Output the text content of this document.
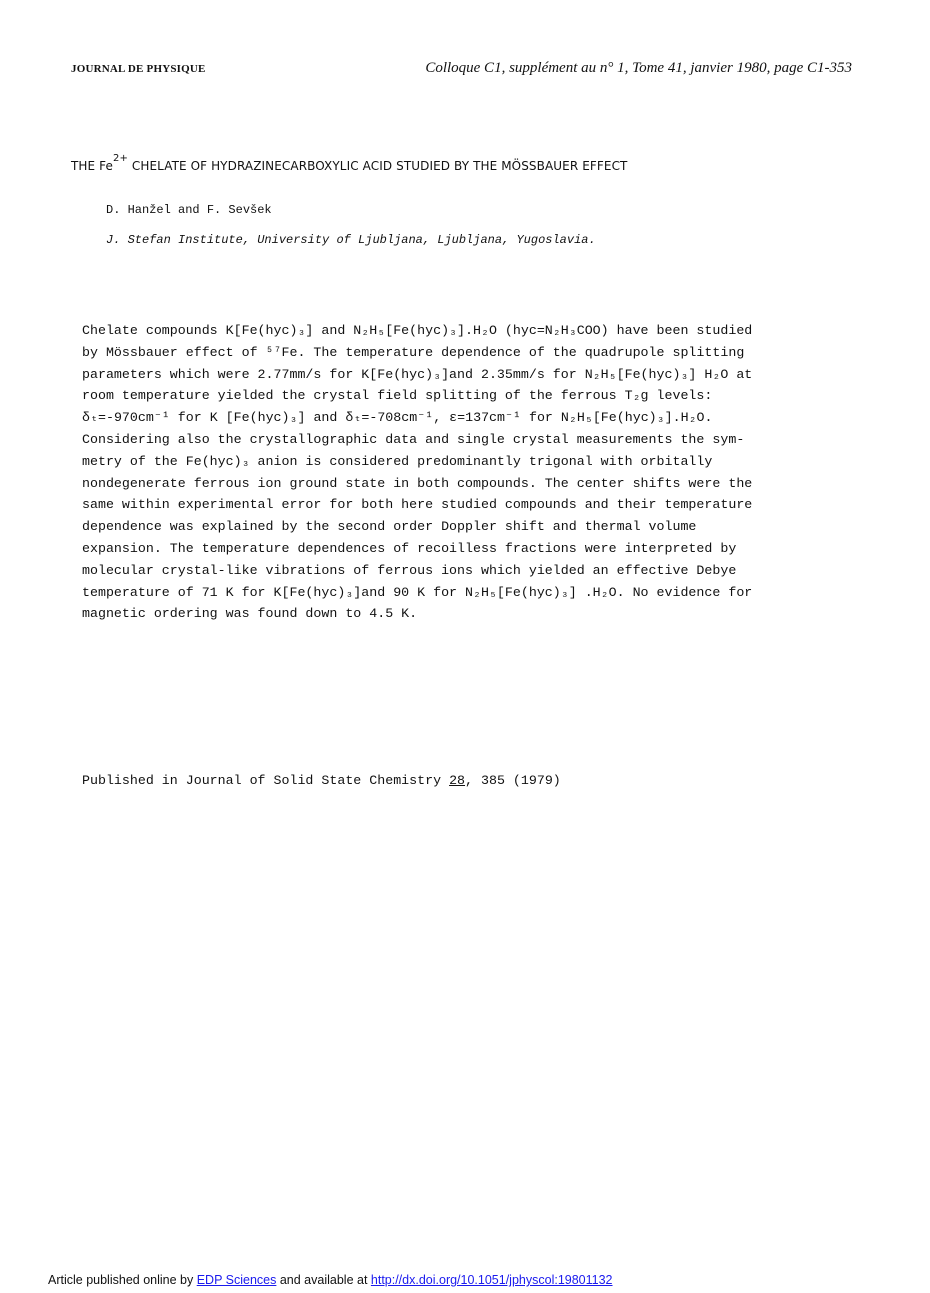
JOURNAL DE PHYSIQUE	Colloque C1, supplément au n° 1, Tome 41, janvier 1980, page C1-353
THE $Fe^{2+}$ CHELATE OF HYDRAZINECARBOXYLIC ACID STUDIED BY THE MÖSSBAUER EFFECT
D. Hanžel and F. Sevšek
J. Stefan Institute, University of Ljubljana, Ljubljana, Yugoslavia.
Chelate compounds K[Fe(hyc)₃] and N₂H₅[Fe(hyc)₃].H₂O (hyc=N₂H₃COO) have been studied
by Mössbauer effect of ⁵⁷Fe. The temperature dependence of the quadrupole splitting
parameters which were 2.77mm/s for K[Fe(hyc)₃]and 2.35mm/s for N₂H₅[Fe(hyc)₃] H₂O at
room temperature yielded the crystal field splitting of the ferrous T₂g levels:
δₜ=-970cm⁻¹ for K [Fe(hyc)₃] and δₜ=-708cm⁻¹, ε=137cm⁻¹ for N₂H₅[Fe(hyc)₃].H₂O.
Considering also the crystallographic data and single crystal measurements the sym-
metry of the Fe(hyc)₃ anion is considered predominantly trigonal with orbitally
nondegenerate ferrous ion ground state in both compounds. The center shifts were the
same within experimental error for both here studied compounds and their temperature
dependence was explained by the second order Doppler shift and thermal volume
expansion. The temperature dependences of recoilless fractions were interpreted by
molecular crystal-like vibrations of ferrous ions which yielded an effective Debye
temperature of 71 K for K[Fe(hyc)₃]and 90 K for N₂H₅[Fe(hyc)₃] .H₂O. No evidence for
magnetic ordering was found down to 4.5 K.
Published in Journal of Solid State Chemistry 28, 385 (1979)
Article published online by EDP Sciences and available at http://dx.doi.org/10.1051/jphyscol:19801132
